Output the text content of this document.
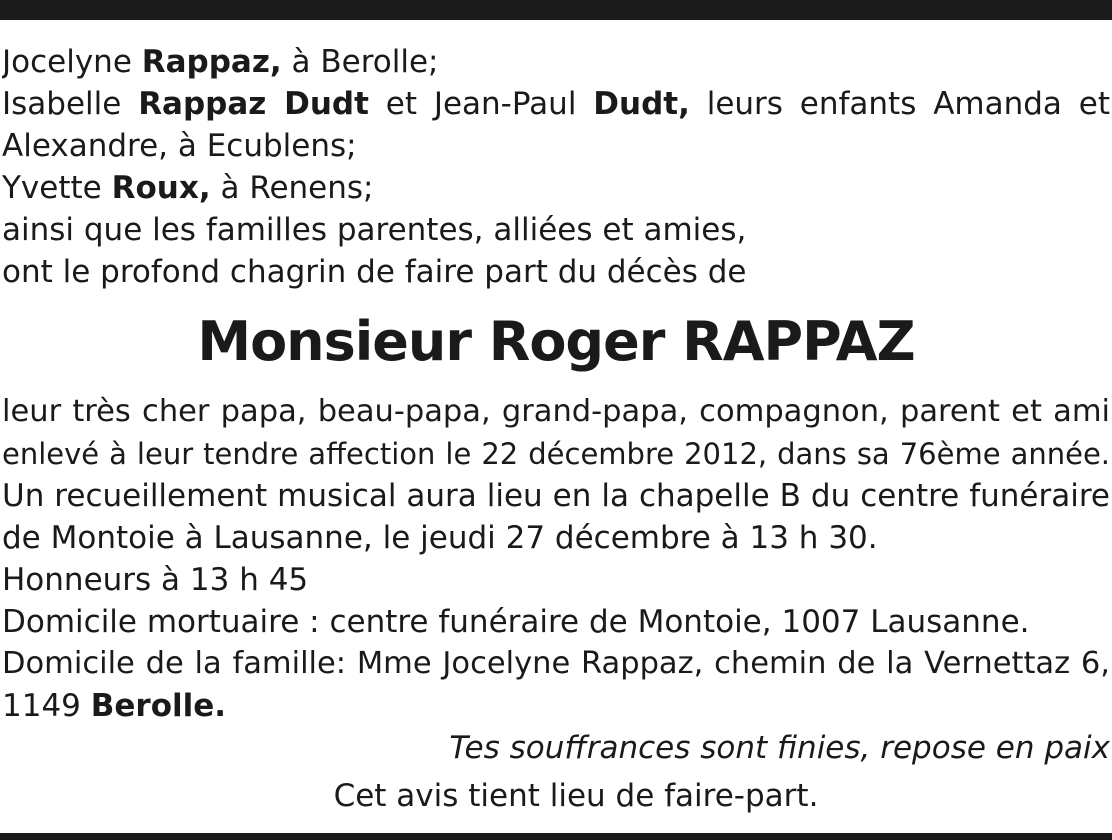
Jocelyne Rappaz, à Berolle;
Isabelle Rappaz Dudt et Jean-Paul Dudt, leurs enfants Amanda et
Alexandre, à Ecublens;
Yvette Roux, à Renens;
ainsi que les familles parentes, alliées et amies,
ont le profond chagrin de faire part du décès de
Monsieur Roger RAPPAZ
leur très cher papa, beau-papa, grand-papa, compagnon, parent et ami
enlevé à leur tendre affection le 22 décembre 2012, dans sa 76ème année.
Un recueillement musical aura lieu en la chapelle B du centre funéraire
de Montoie à Lausanne, le jeudi 27 décembre à 13 h 30.
Honneurs à 13 h 45
Domicile mortuaire : centre funéraire de Montoie, 1007 Lausanne.
Domicile de la famille: Mme Jocelyne Rappaz, chemin de la Vernettaz 6,
1149 Berolle.
Tes souffrances sont finies, repose en paix
Cet avis tient lieu de faire-part.
